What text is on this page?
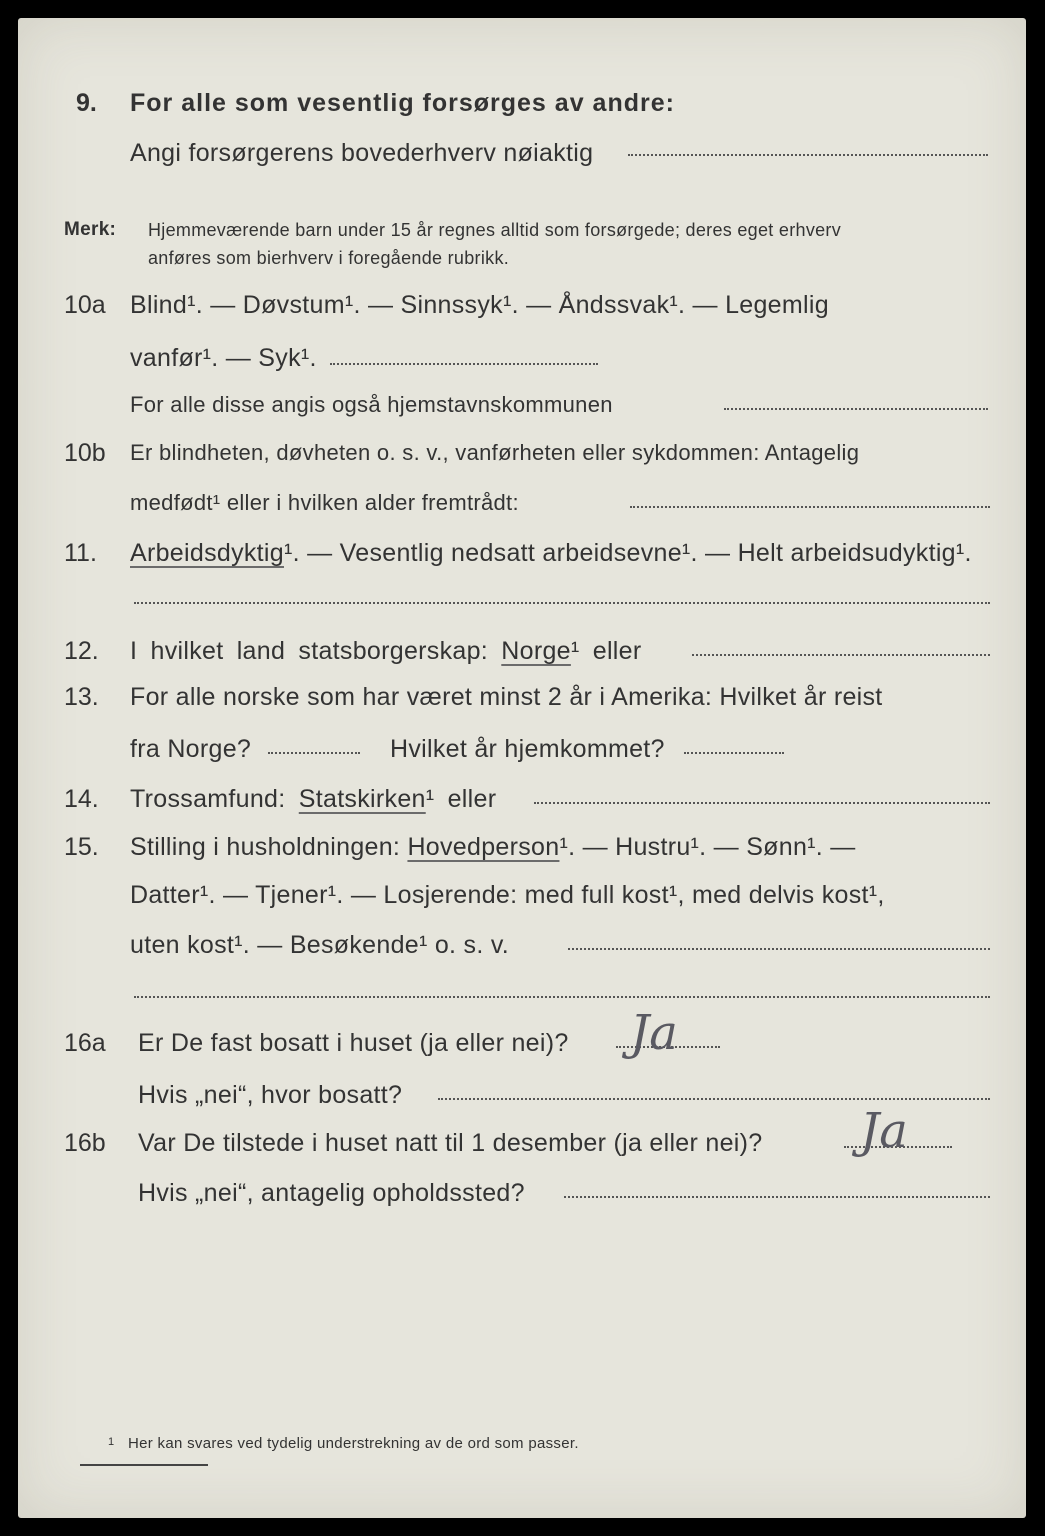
9. For alle som vesentlig forsørges av andre:
Angi forsørgerens bovederhverv nøiaktig
Merk: Hjemmeværende barn under 15 år regnes alltid som forsørgede; deres eget erhverv
anføres som bierhverv i foregående rubrikk.
10a Blind¹. — Døvstum¹. — Sinnssyk¹. — Åndssvak¹. — Legemlig
vanfør¹. — Syk¹.
For alle disse angis også hjemstavnskommunen
10b Er blindheten, døvheten o. s. v., vanførheten eller sykdommen: Antagelig
medfødt¹ eller i hvilken alder fremtrådt:
11. Arbeidsdyktig¹. — Vesentlig nedsatt arbeidsevne¹. — Helt arbeidsudyktig¹.
12. I hvilket land statsborgerskap: Norge¹ eller
13. For alle norske som har været minst 2 år i Amerika: Hvilket år reist
fra Norge?	Hvilket år hjemkommet?
14. Trossamfund: Statskirken¹ eller
15. Stilling i husholdningen: Hovedperson¹. — Hustru¹. — Sønn¹. —
Datter¹. — Tjener¹. — Losjerende: med full kost¹, med delvis kost¹,
uten kost¹. — Besøkende¹ o. s. v.
16a Er De fast bosatt i huset (ja eller nei)? Ja
Hvis „nei“, hvor bosatt?
16b Var De tilstede i huset natt til 1 desember (ja eller nei)? Ja
Hvis „nei“, antagelig opholdssted?
1 Her kan svares ved tydelig understrekning av de ord som passer.
